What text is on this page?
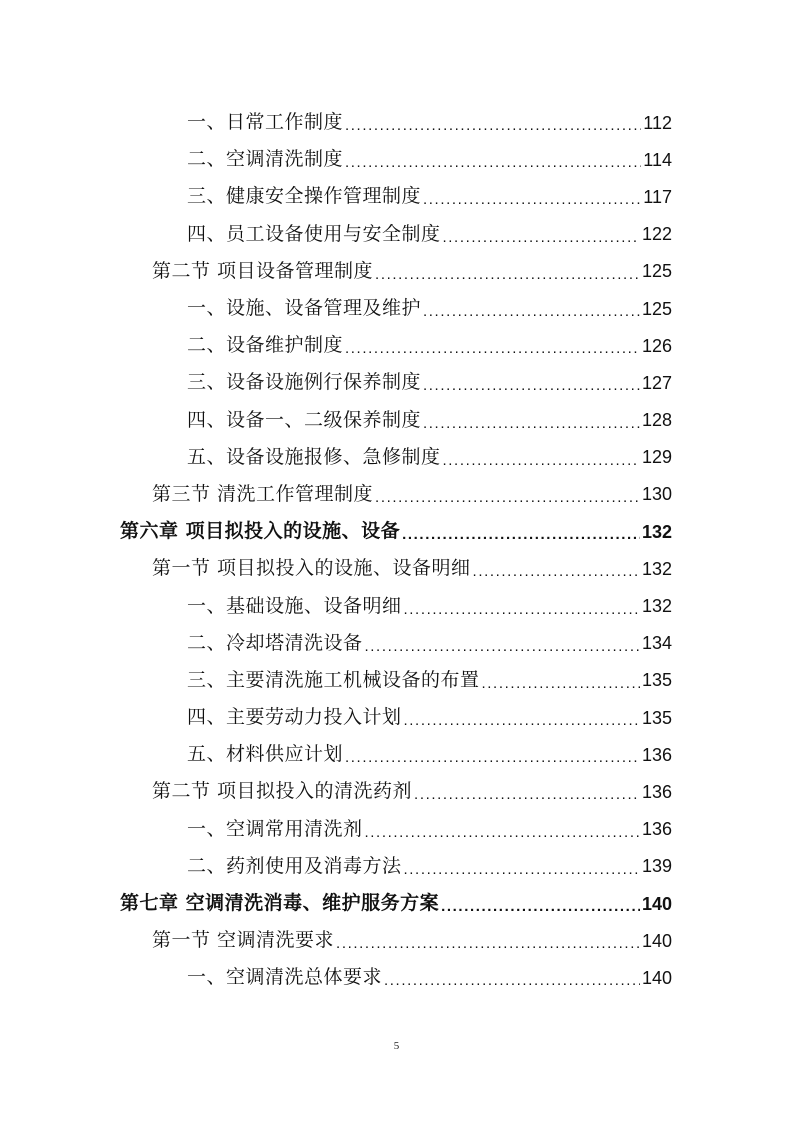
一、日常工作制度 .....	112
二、空调清洗制度 .....	114
三、健康安全操作管理制度 .....	117
四、员工设备使用与安全制度 .....	122
第二节 项目设备管理制度 .....	125
一、设施、设备管理及维护 .....	125
二、设备维护制度 .....	126
三、设备设施例行保养制度 .....	127
四、设备一、二级保养制度 .....	128
五、设备设施报修、急修制度 .....	129
第三节 清洗工作管理制度 .....	130
第六章 项目拟投入的设施、设备 .....	132
第一节 项目拟投入的设施、设备明细 .....	132
一、基础设施、设备明细 .....	132
二、冷却塔清洗设备 .....	134
三、主要清洗施工机械设备的布置 .....	135
四、主要劳动力投入计划 .....	135
五、材料供应计划 .....	136
第二节 项目拟投入的清洗药剂 .....	136
一、空调常用清洗剂 .....	136
二、药剂使用及消毒方法 .....	139
第七章 空调清洗消毒、维护服务方案 .....	140
第一节 空调清洗要求 .....	140
一、空调清洗总体要求 .....	140
5
